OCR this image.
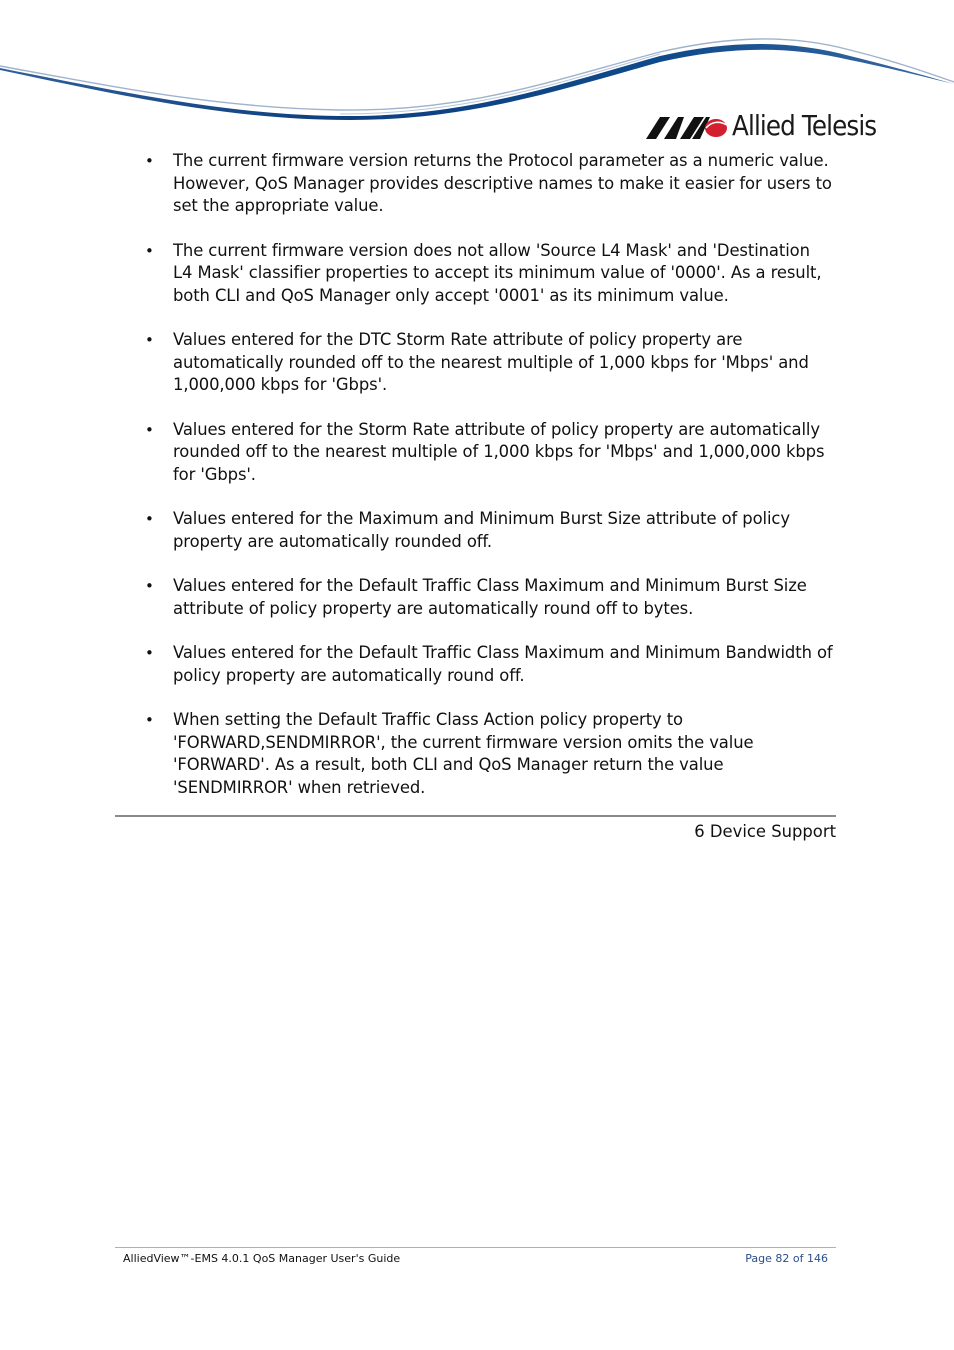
Allied Telesis
• The current firmware version returns the Protocol parameter as a numeric value. However, QoS Manager provides descriptive names to make it easier for users to set the appropriate value.
• The current firmware version does not allow 'Source L4 Mask' and 'Destination L4 Mask' classifier properties to accept its minimum value of '0000'. As a result, both CLI and QoS Manager only accept '0001' as its minimum value.
• Values entered for the DTC Storm Rate attribute of policy property are automatically rounded off to the nearest multiple of 1,000 kbps for 'Mbps' and 1,000,000 kbps for 'Gbps'.
• Values entered for the Storm Rate attribute of policy property are automatically rounded off to the nearest multiple of 1,000 kbps for 'Mbps' and 1,000,000 kbps for 'Gbps'.
• Values entered for the Maximum and Minimum Burst Size attribute of policy property are automatically rounded off.
• Values entered for the Default Traffic Class Maximum and Minimum Burst Size attribute of policy property are automatically round off to bytes.
• Values entered for the Default Traffic Class Maximum and Minimum Bandwidth of policy property are automatically round off.
• When setting the Default Traffic Class Action policy property to 'FORWARD,SENDMIRROR', the current firmware version omits the value 'FORWARD'. As a result, both CLI and QoS Manager return the value 'SENDMIRROR' when retrieved.
6 Device Support
AlliedView™-EMS 4.0.1 QoS Manager User's Guide	Page 82 of 146
